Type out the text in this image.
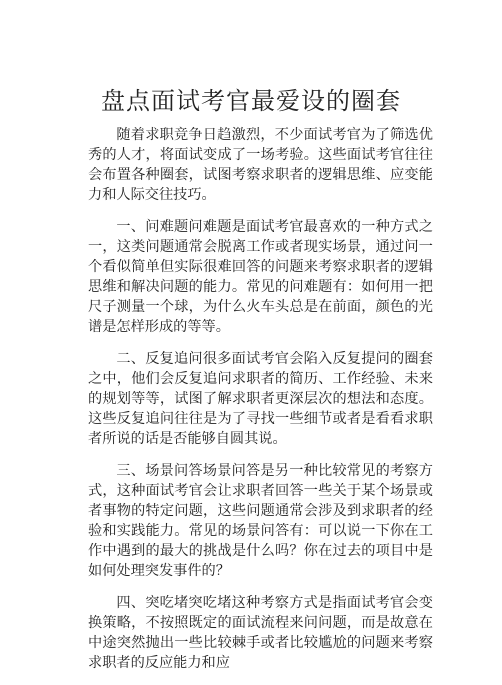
盘点面试考官最爱设的圈套

随着求职竞争日趋激烈，不少面试考官为了筛选优秀的人才，将面试变成了一场考验。这些面试考官往往会布置各种圈套，试图考察求职者的逻辑思维、应变能力和人际交往技巧。

一、问难题问难题是面试考官最喜欢的一种方式之一，这类问题通常会脱离工作或者现实场景，通过问一个看似简单但实际很难回答的问题来考察求职者的逻辑思维和解决问题的能力。常见的问难题有：如何用一把尺子测量一个球，为什么火车头总是在前面，颜色的光谱是怎样形成的等等。

二、反复追问很多面试考官会陷入反复提问的圈套之中，他们会反复追问求职者的简历、工作经验、未来的规划等等，试图了解求职者更深层次的想法和态度。这些反复追问往往是为了寻找一些细节或者是看看求职者所说的话是否能够自圆其说。

三、场景问答场景问答是另一种比较常见的考察方式，这种面试考官会让求职者回答一些关于某个场景或者事物的特定问题，这些问题通常会涉及到求职者的经验和实践能力。常见的场景问答有：可以说一下你在工作中遇到的最大的挑战是什么吗？你在过去的项目中是如何处理突发事件的？

四、突吃堵突吃堵这种考察方式是指面试考官会变换策略，不按照既定的面试流程来问问题，而是故意在中途突然抛出一些比较棘手或者比较尴尬的问题来考察求职者的反应能力和应
